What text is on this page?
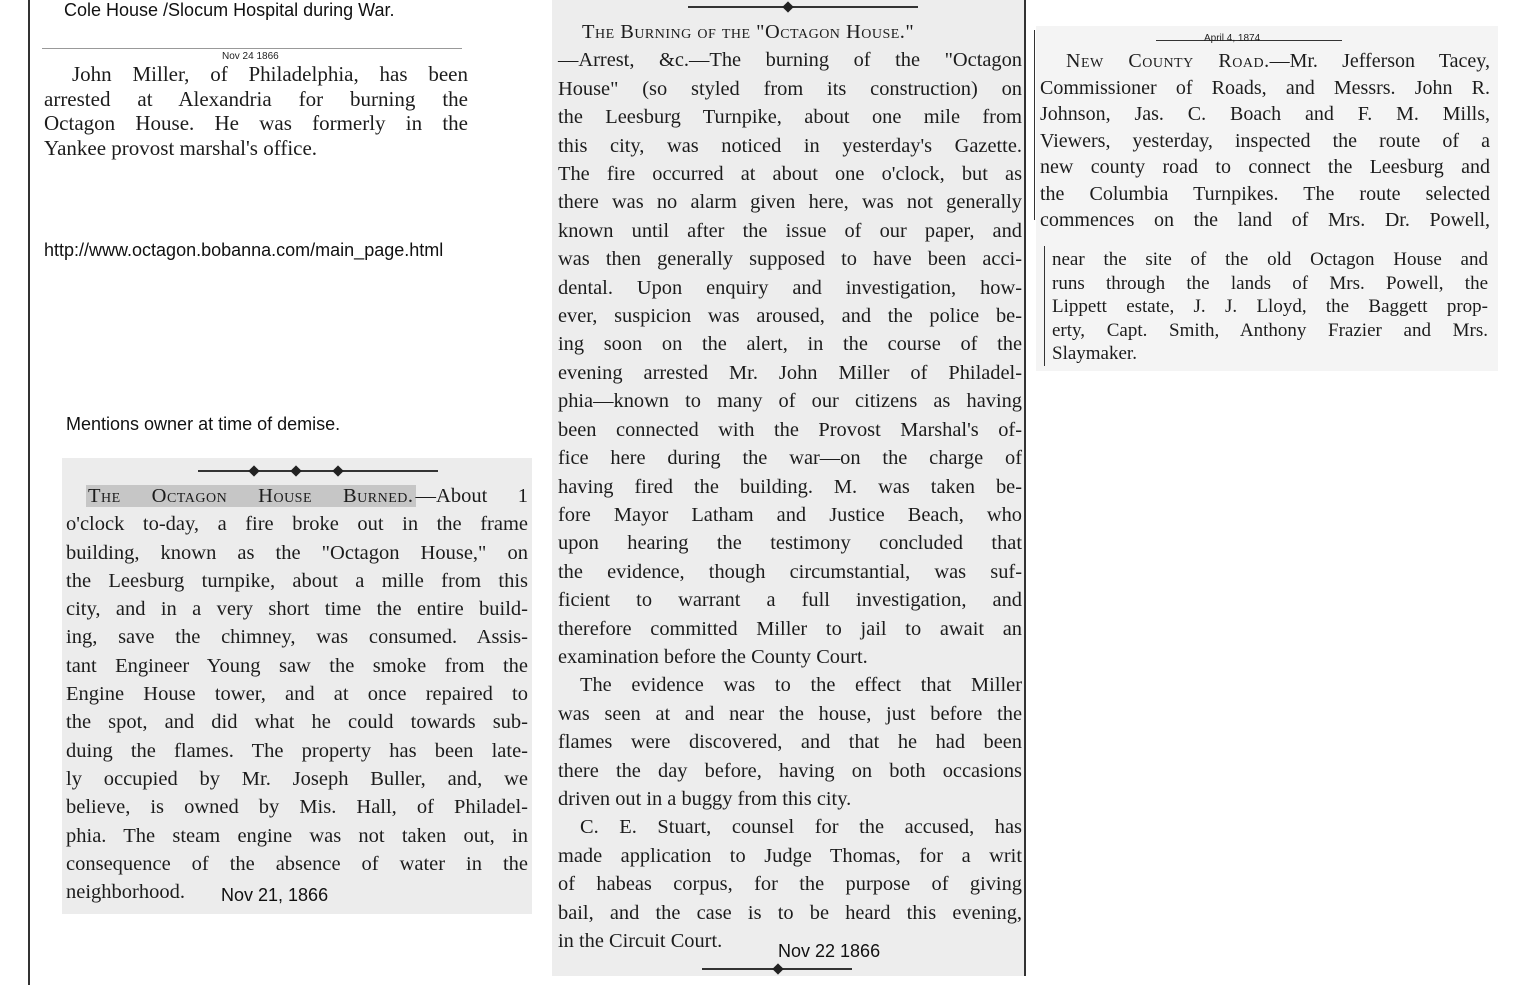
Cole House /Slocum Hospital during War.
http://www.octagon.bobanna.com/main_page.html
Mentions owner at time of demise.

John Miller, of Philadelphia, has been

arrested at Alexandria for burning the

Octagon House. He was formerly in the

Yankee provost marshal's office.

Nov 24 1866

The Octagon House Burned.—About 1

o'clock to-day, a fire broke out in the frame

building, known as the "Octagon House," on

the Leesburg turnpike, about a mille from this

city, and in a very short time the entire build-

ing, save the chimney, was consumed. Assis-

tant Engineer Young saw the smoke from the

Engine House tower, and at once repaired to

the spot, and did what he could towards sub-

duing the flames. The property has been late-

ly occupied by Mr. Joseph Buller, and, we

believe, is owned by Mis. Hall, of Philadel-

phia. The steam engine was not taken out, in

consequence of the absence of water in the

neighborhood.	Nov 21, 1866

The Burning of the "Octagon House."

—Arrest, &c.—The burning of the "Octagon

House" (so styled from its construction) on

the Leesburg Turnpike, about one mile from

this city, was noticed in yesterday's Gazette.

The fire occurred at about one o'clock, but as

there was no alarm given here, was not generally

known until after the issue of our paper, and

was then generally supposed to have been acci-

dental. Upon enquiry and investigation, how-

ever, suspicion was aroused, and the police be-

ing soon on the alert, in the course of the

evening arrested Mr. John Miller of Philadel-

phia—known to many of our citizens as having

been connected with the Provost Marshal's of-

fice here during the war—on the charge of

having fired the building. M. was taken be-

fore Mayor Latham and Justice Beach, who

upon hearing the testimony concluded that

the evidence, though circumstantial, was suf-

ficient to warrant a full investigation, and

therefore committed Miller to jail to await an

examination before the County Court.

The evidence was to the effect that Miller

was seen at and near the house, just before the

flames were discovered, and that he had been

there the day before, having on both occasions

driven out in a buggy from this city.

C. E. Stuart, counsel for the accused, has

made application to Judge Thomas, for a writ

of habeas corpus, for the purpose of giving

bail, and the case is to be heard this evening,

in the Circuit Court.	Nov 22 1866

New County Road.—Mr. Jefferson Tacey,

Commissioner of Roads, and Messrs. John R.

Johnson, Jas. C. Boach and F. M. Mills,

Viewers, yesterday, inspected the route of a

new county road to connect the Leesburg and

the Columbia Turnpikes. The route selected

commences on the land of Mrs. Dr. Powell,

near the site of the old Octagon House and

runs through the lands of Mrs. Powell, the

Lippett estate, J. J. Lloyd, the Baggett prop-

erty, Capt. Smith, Anthony Frazier and Mrs.

Slaymaker.

April 4, 1874
